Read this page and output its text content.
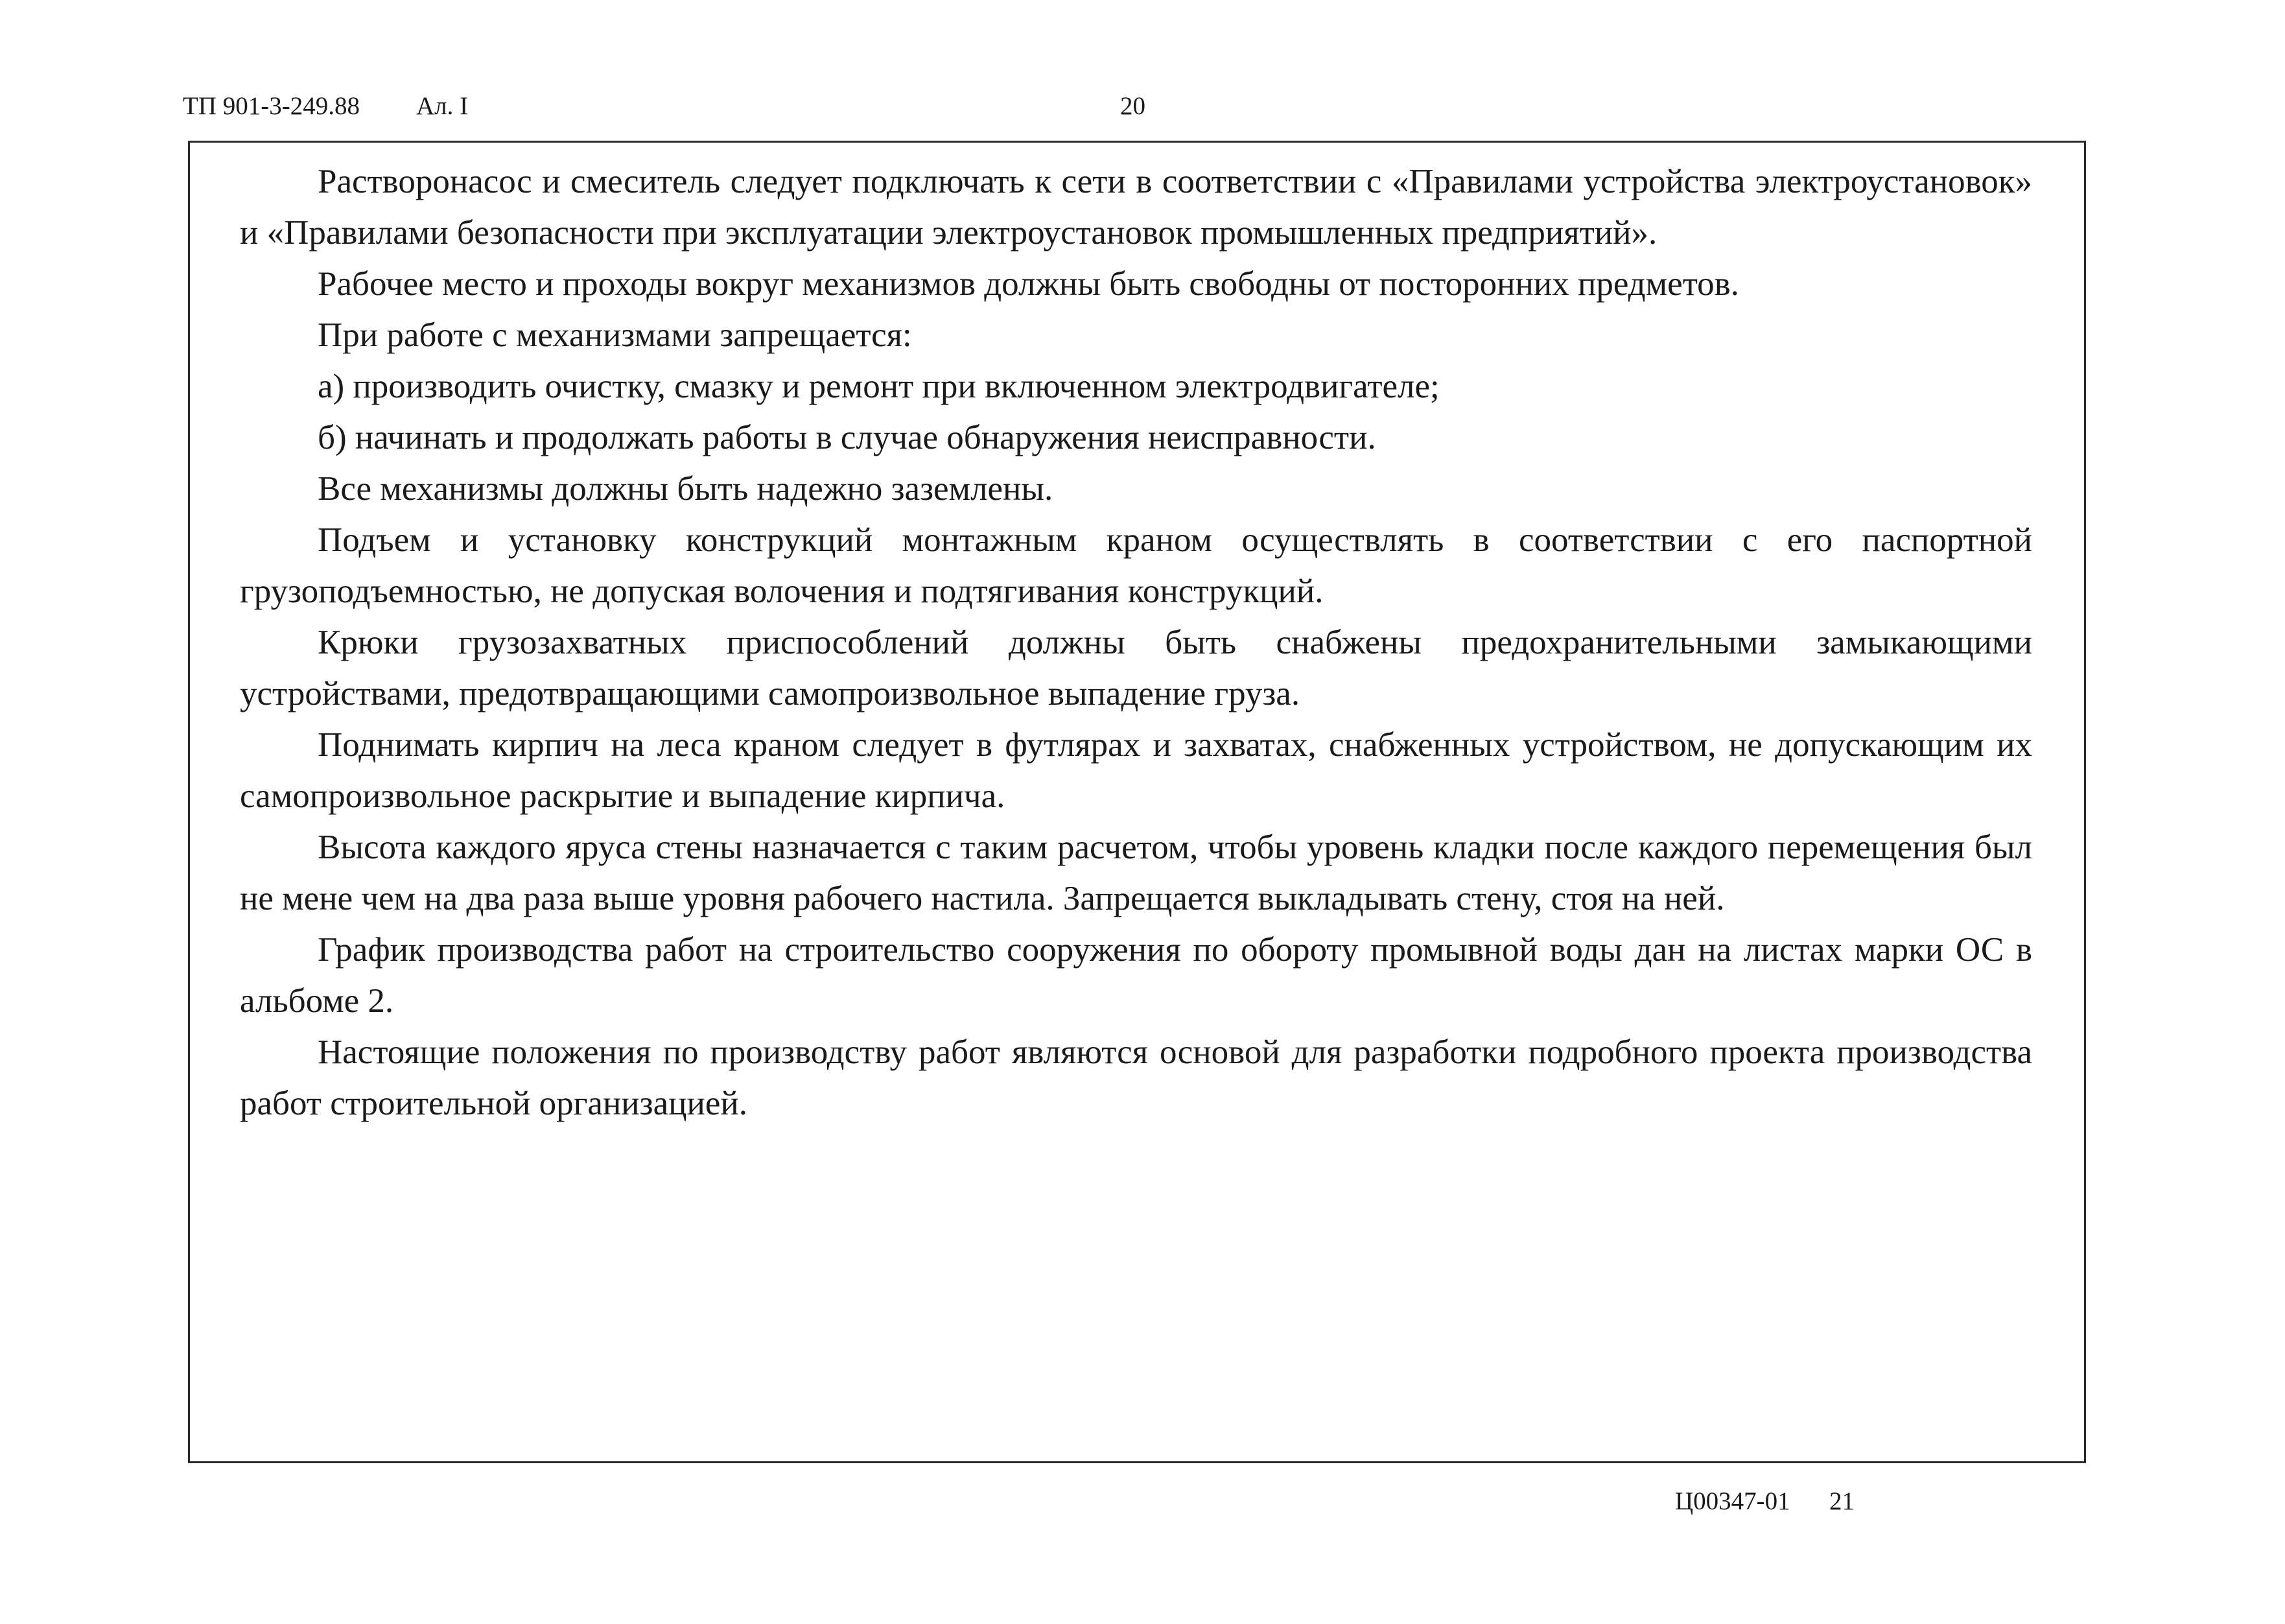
ТП 901-3-249.88 Ал. I	20

Растворонасос и смеситель следует подключать к сети в соответствии с «Правилами устройства электроустановок» и «Правилами безопасности при эксплуатации электроустановок промышленных предприятий».

Рабочее место и проходы вокруг механизмов должны быть свободны от посторонних предметов.

При работе с механизмами запрещается:

а) производить очистку, смазку и ремонт при включенном электродвигателе;

б) начинать и продолжать работы в случае обнаружения неисправности.

Все механизмы должны быть надежно заземлены.

Подъем и установку конструкций монтажным краном осуществлять в соответствии с его паспортной грузоподъемностью, не допуская волочения и подтягивания конструкций.

Крюки грузозахватных приспособлений должны быть снабжены предохранительными замыкающими устройствами, предотвращающими самопроизвольное выпадение груза.

Поднимать кирпич на леса краном следует в футлярах и захватах, снабженных устройством, не допускающим их самопроизвольное раскрытие и выпадение кирпича.

Высота каждого яруса стены назначается с таким расчетом, чтобы уровень кладки после каждого перемещения был не мене чем на два раза выше уровня рабочего настила. Запрещается выкладывать стену, стоя на ней.

График производства работ на строительство сооружения по обороту промывной воды дан на листах марки ОС в альбоме 2.

Настоящие положения по производству работ являются основой для разработки подробного проекта производства работ строительной организацией.

Ц00347-01 21
